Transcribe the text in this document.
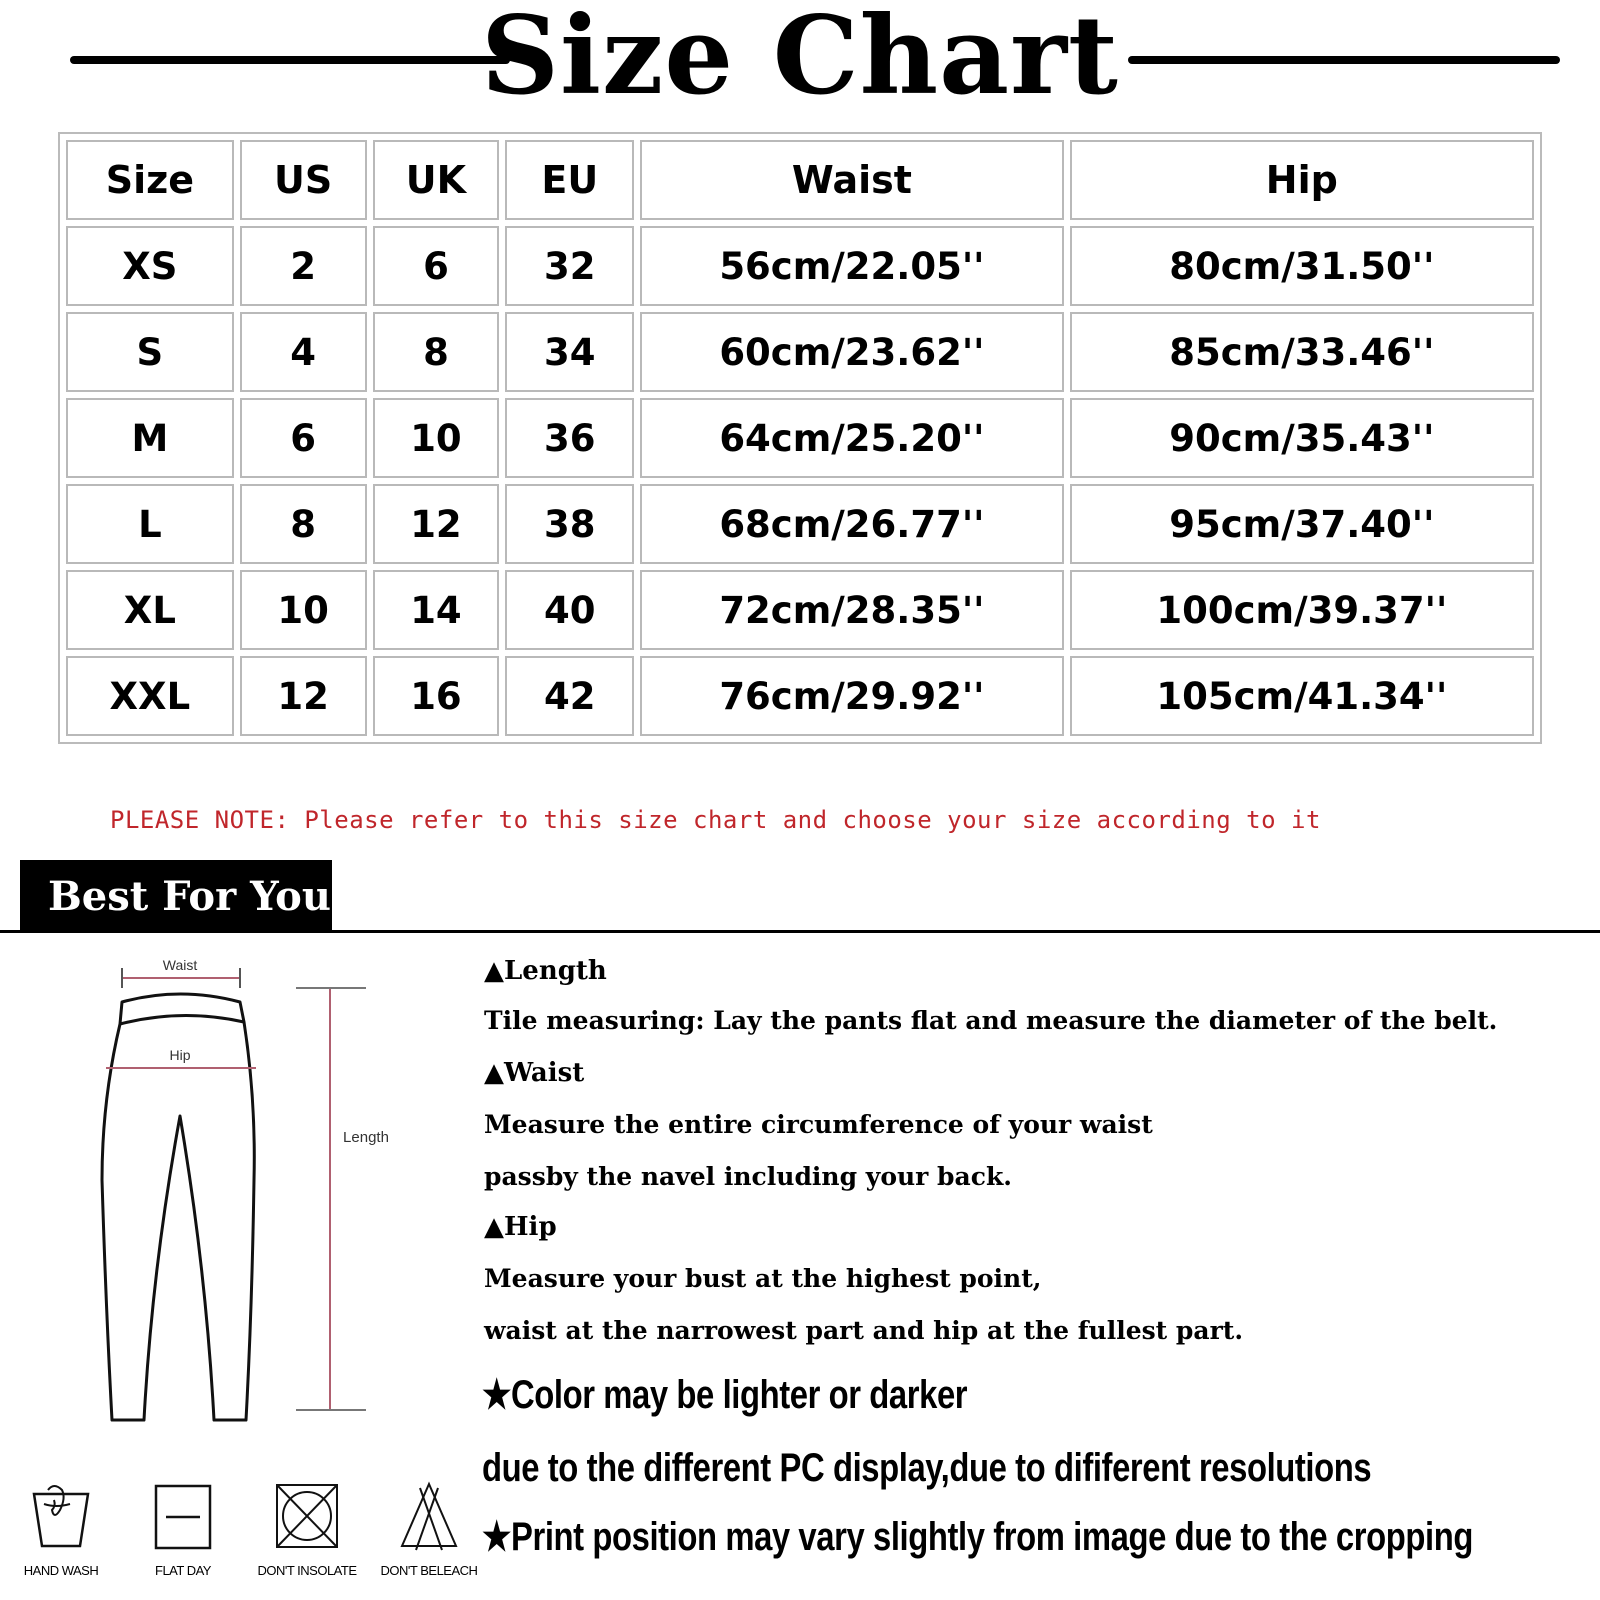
Size Chart
Size	US	UK	EU	Waist	Hip
XS	2	6	32	56cm/22.05''	80cm/31.50''
S	4	8	34	60cm/23.62''	85cm/33.46''
M	6	10	36	64cm/25.20''	90cm/35.43''
L	8	12	38	68cm/26.77''	95cm/37.40''
XL	10	14	40	72cm/28.35''	100cm/39.37''
XXL	12	16	42	76cm/29.92''	105cm/41.34''
PLEASE NOTE: Please refer to this size chart and choose your size according to it
Best For You
Waist
Hip
Length
▲Length
Tile measuring: Lay the pants flat and measure the diameter of the belt.
▲Waist
Measure the entire circumference of your waist
passby the navel including your back.
▲Hip
Measure your bust at the highest point,
waist at the narrowest part and hip at the fullest part.
★Color may be lighter or darker
due to the different PC display,due to dififerent resolutions
★Print position may vary slightly from image due to the cropping
HAND WASH	FLAT DAY	DON'T INSOLATE	DON'T BELEACH
